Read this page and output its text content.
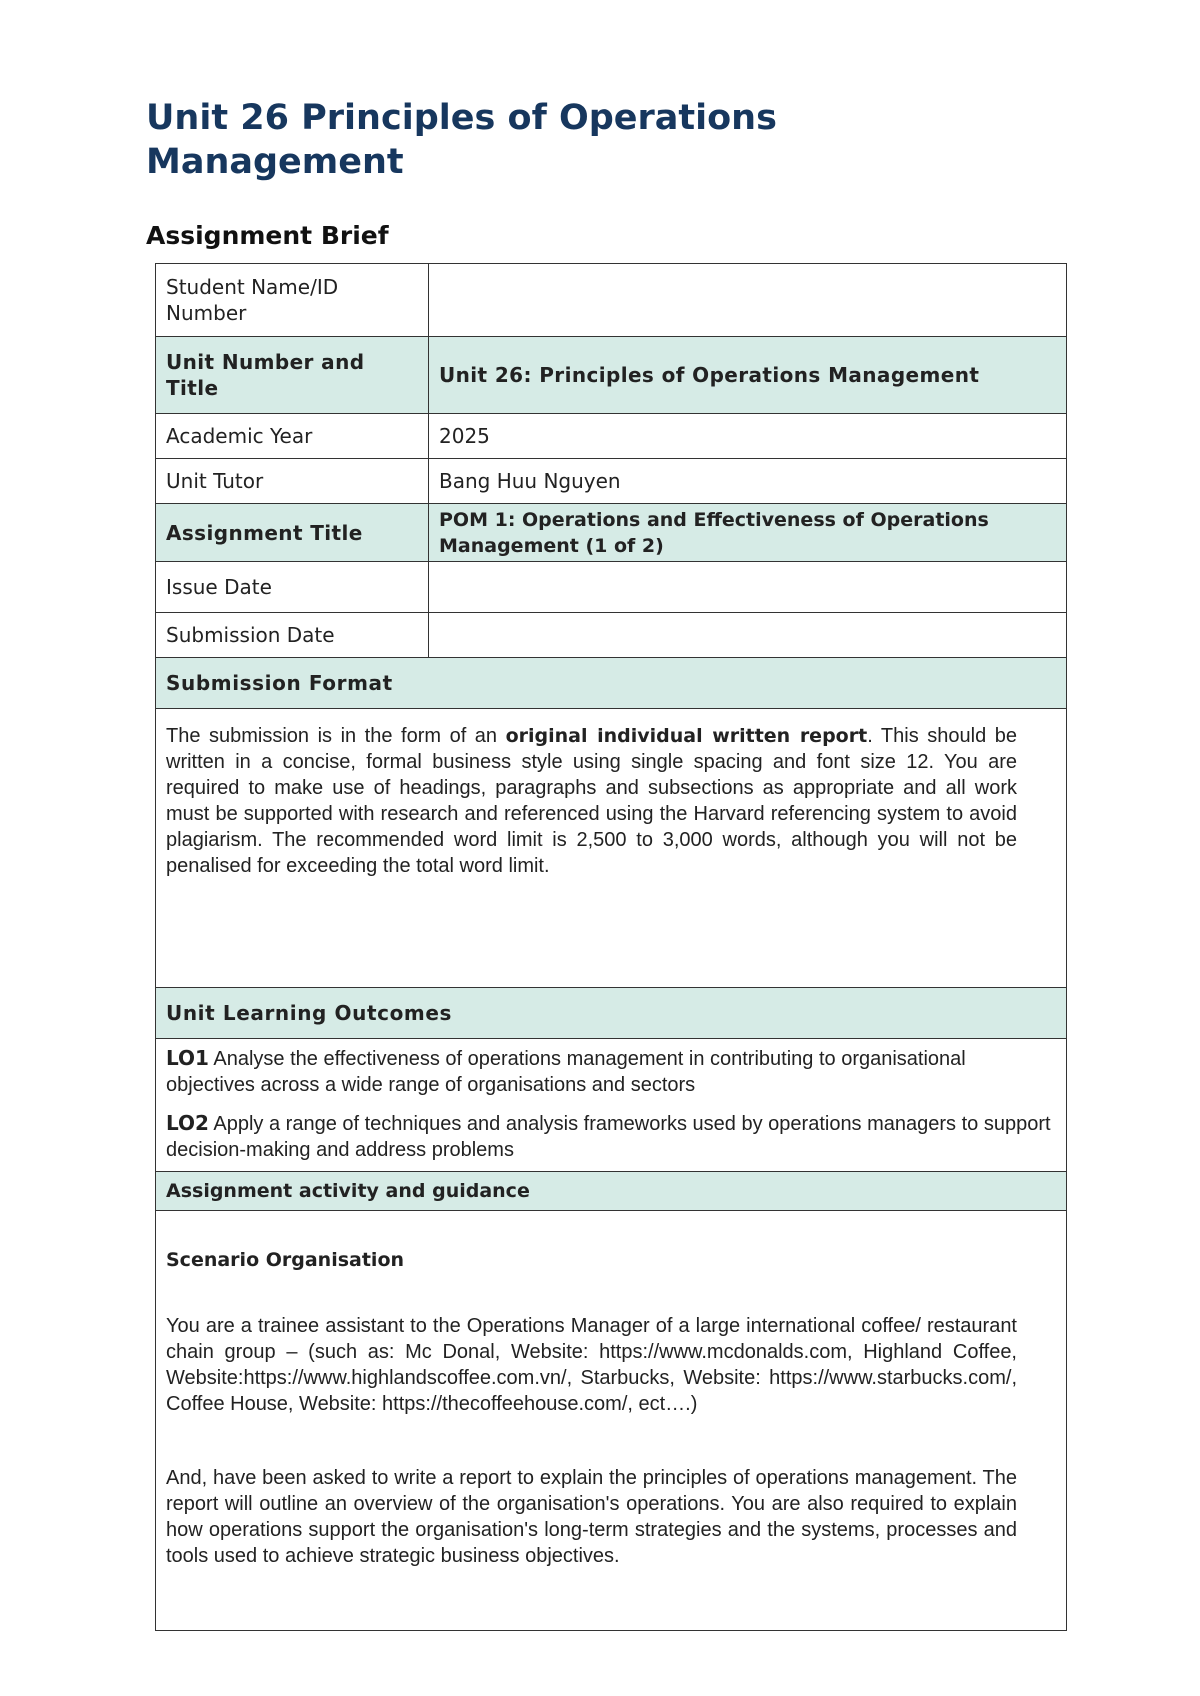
Unit 26 Principles of Operations Management
Assignment Brief
Student Name/ID Number	
Unit Number and Title	Unit 26: Principles of Operations Management
Academic Year	2025
Unit Tutor	Bang Huu Nguyen
Assignment Title	POM 1: Operations and Effectiveness of Operations Management (1 of 2)
Issue Date	
Submission Date	
Submission Format	

The submission is in the form of an original individual written report. This should be written in a concise, formal business style using single spacing and font size 12. You are required to make use of headings, paragraphs and subsections as appropriate and all work must be supported with research and referenced using the Harvard referencing system to avoid plagiarism. The recommended word limit is 2,500 to 3,000 words, although you will not be penalised for exceeding the total word limit.	

Unit Learning Outcomes	

LO1 Analyse the effectiveness of operations management in contributing to organisational objectives across a wide range of organisations and sectors

LO2 Apply a range of techniques and analysis frameworks used by operations managers to support decision-making and address problems	

Assignment activity and guidance	

Scenario Organisation

You are a trainee assistant to the Operations Manager of a large international coffee/ restaurant chain group – (such as: Mc Donal, Website: https://www.mcdonalds.com, Highland Coffee, Website:https://www.highlandscoffee.com.vn/, Starbucks, Website: https://www.starbucks.com/, Coffee House, Website: https://thecoffeehouse.com/, ect….)

And, have been asked to write a report to explain the principles of operations management. The report will outline an overview of the organisation's operations. You are also required to explain how operations support the organisation's long-term strategies and the systems, processes and tools used to achieve strategic business objectives.	
